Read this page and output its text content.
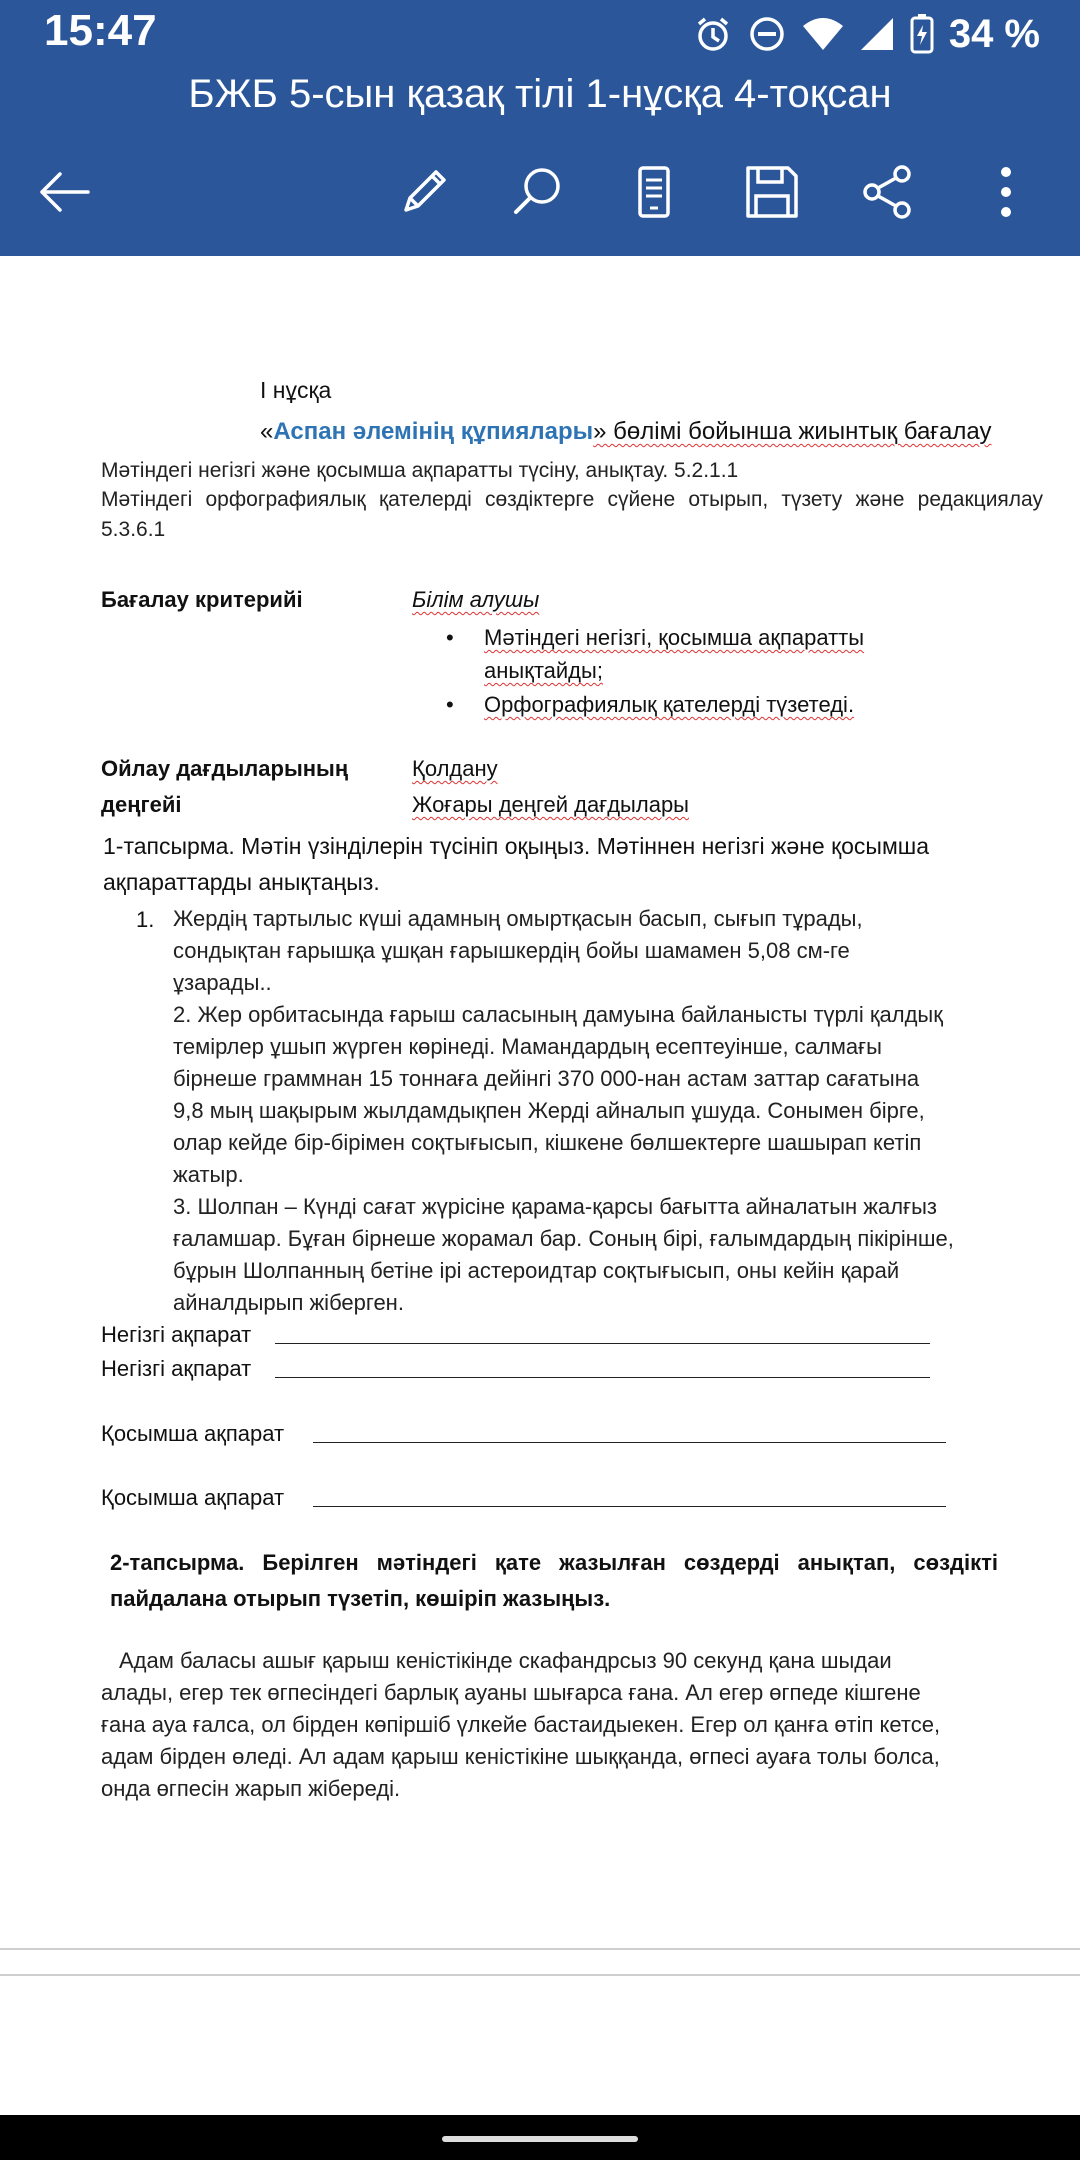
15:47	34 %
БЖБ 5-сын қазақ тілі 1-нұсқа 4-тоқсан
І нұсқа
«Аспан әлемінің құпиялары» бөлімі бойынша жиынтық бағалау
Мәтіндегі негізгі және қосымша ақпаратты түсіну, анықтау. 5.2.1.1
Мәтіндегі орфографиялық қателерді сөздіктерге сүйене отырып, түзету және редакциялау 5.3.6.1
Бағалау критерийі	Білім алушы
• Мәтіндегі негізгі, қосымша ақпаратты
анықтайды;
• Орфографиялық қателерді түзетеді.
Ойлау дағдыларының
деңгейі
Қолдану
Жоғары деңгей дағдылары
1-тапсырма. Мәтін үзінділерін түсініп оқыңыз. Мәтіннен негізгі және қосымша
ақпараттарды анықтаңыз.
1. Жердің тартылыс күші адамның омыртқасын басып, сығып тұрады,
сондықтан ғарышқа ұшқан ғарышкердің бойы шамамен 5,08 см-ге
ұзарады..
2. Жер орбитасында ғарыш саласының дамуына байланысты түрлі қалдық
темірлер ұшып жүрген көрінеді. Мамандардың есептеуінше, салмағы
бірнеше граммнан 15 тоннаға дейінгі 370 000-нан астам заттар сағатына
9,8 мың шақырым жылдамдықпен Жерді айналып ұшуда. Сонымен бірге,
олар кейде бір-бірімен соқтығысып, кішкене бөлшектерге шашырап кетіп
жатыр.
3. Шолпан – Күнді сағат жүрісіне қарама-қарсы бағытта айналатын жалғыз
ғаламшар. Бұған бірнеше жорамал бар. Соның бірі, ғалымдардың пікірінше,
бұрын Шолпанның бетіне ірі астероидтар соқтығысып, оны кейін қарай
айналдырып жіберген.
Негізгі ақпарат
Негізгі ақпарат
Қосымша ақпарат
Қосымша ақпарат
2-тапсырма. Берілген мәтіндегі қате жазылған сөздерді анықтап, сөздікті
пайдалана отырып түзетіп, көшіріп жазыңыз.
Адам баласы ашығ қарыш кеністікінде скафандрсыз 90 секунд қана шыдаи
алады, егер тек өгпесіндегі барлық ауаны шығарса ғана. Ал егер өгпеде кішгене
ғана ауа ғалса, ол бірден көпіршіб үлкейе бастаидыекен. Егер ол қанға өтіп кетсе,
адам бірден өледі. Ал адам қарыш кеністікіне шыққанда, өгпесі ауаға толы болса,
онда өгпесін жарып жібереді.
